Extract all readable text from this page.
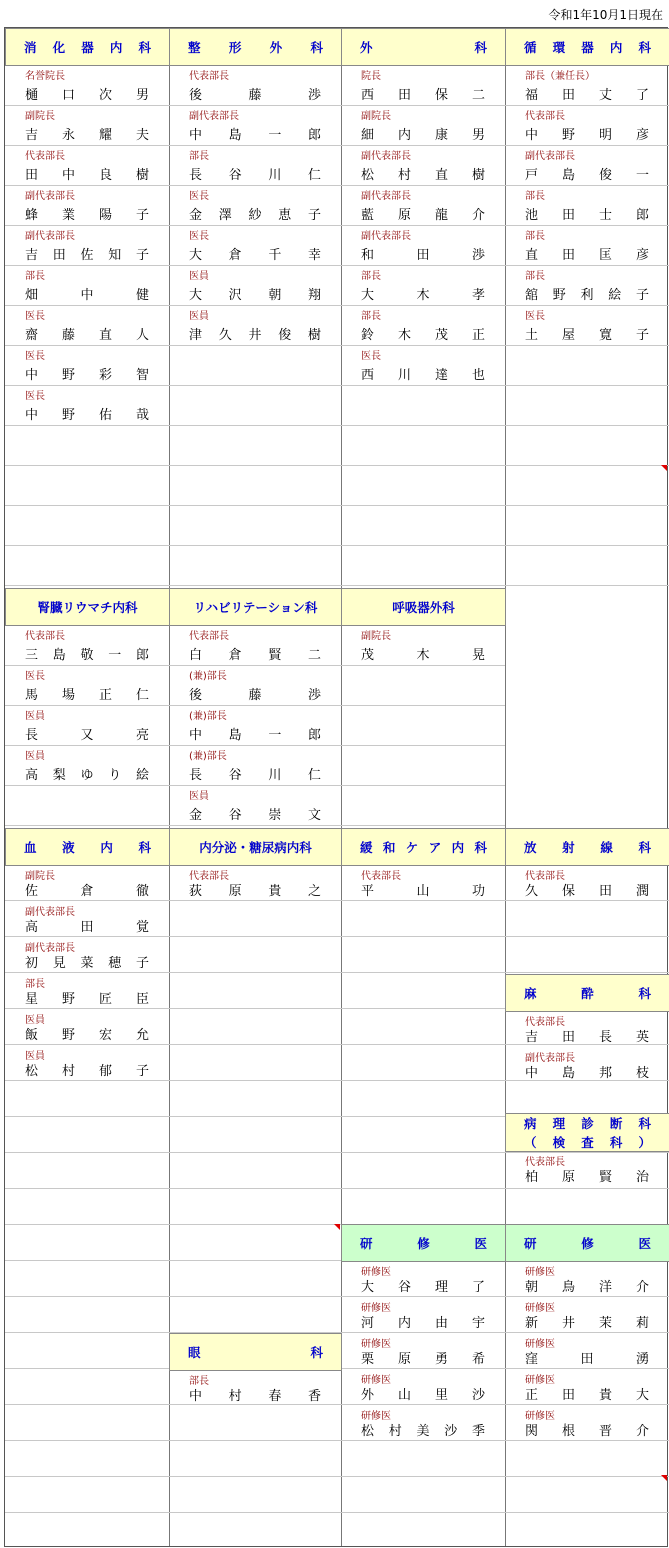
令和1年10月1日現在
消化器内科
名誉院長
樋口次男
副院長
吉永耀夫
代表部長
田中良樹
副代表部長
蜂業陽子
副代表部長
吉田佐知子
部長
畑中健
医長
齋藤直人
医長
中野彩智
医長
中野佑哉
整形外科
代表部長
後藤渉
副代表部長
中島一郎
部長
長谷川仁
医長
金澤紗恵子
医長
大倉千幸
医員
大沢朝翔
医員
津久井俊樹
外科
院長
西田保二
副院長
細内康男
副代表部長
松村直樹
副代表部長
藍原龍介
副代表部長
和田渉
部長
大木孝
部長
鈴木茂正
医長
西川達也
循環器内科
部長（兼任長）
福田丈了
代表部長
中野明彦
副代表部長
戸島俊一
部長
池田士郎
部長
直田匡彦
部長
舘野利絵子
医長
土屋寛子
腎臓リウマチ内科
代表部長
三島敬一郎
医長
馬場正仁
医員
長又亮
医員
高梨ゆり絵
リハビリテーション科
代表部長
白倉賢二
(兼)部長
後藤渉
(兼)部長
中島一郎
(兼)部長
長谷川仁
医員
金谷崇文
呼吸器外科
副院長
茂木晃
血液内科
副院長
佐倉徹
副代表部長
高田覚
副代表部長
初見菜穂子
部長
星野匠臣
医員
飯野宏允
医員
松村郁子
内分泌・糖尿病内科
代表部長
荻原貴之
緩和ケア内科
代表部長
平山功
放射線科
代表部長
久保田潤
麻酔科
代表部長
吉田長英
副代表部長
中島邦枝
病理診断科
（検査科）
代表部長
柏原賢治
眼科
部長
中村春香
研修医
研修医
大谷理了
研修医
河内由宇
研修医
栗原勇希
研修医
外山里沙
研修医
松村美沙季
研修医
研修医
朝鳥洋介
研修医
新井茉莉
研修医
窪田湧
研修医
正田貴大
研修医
関根晋介
